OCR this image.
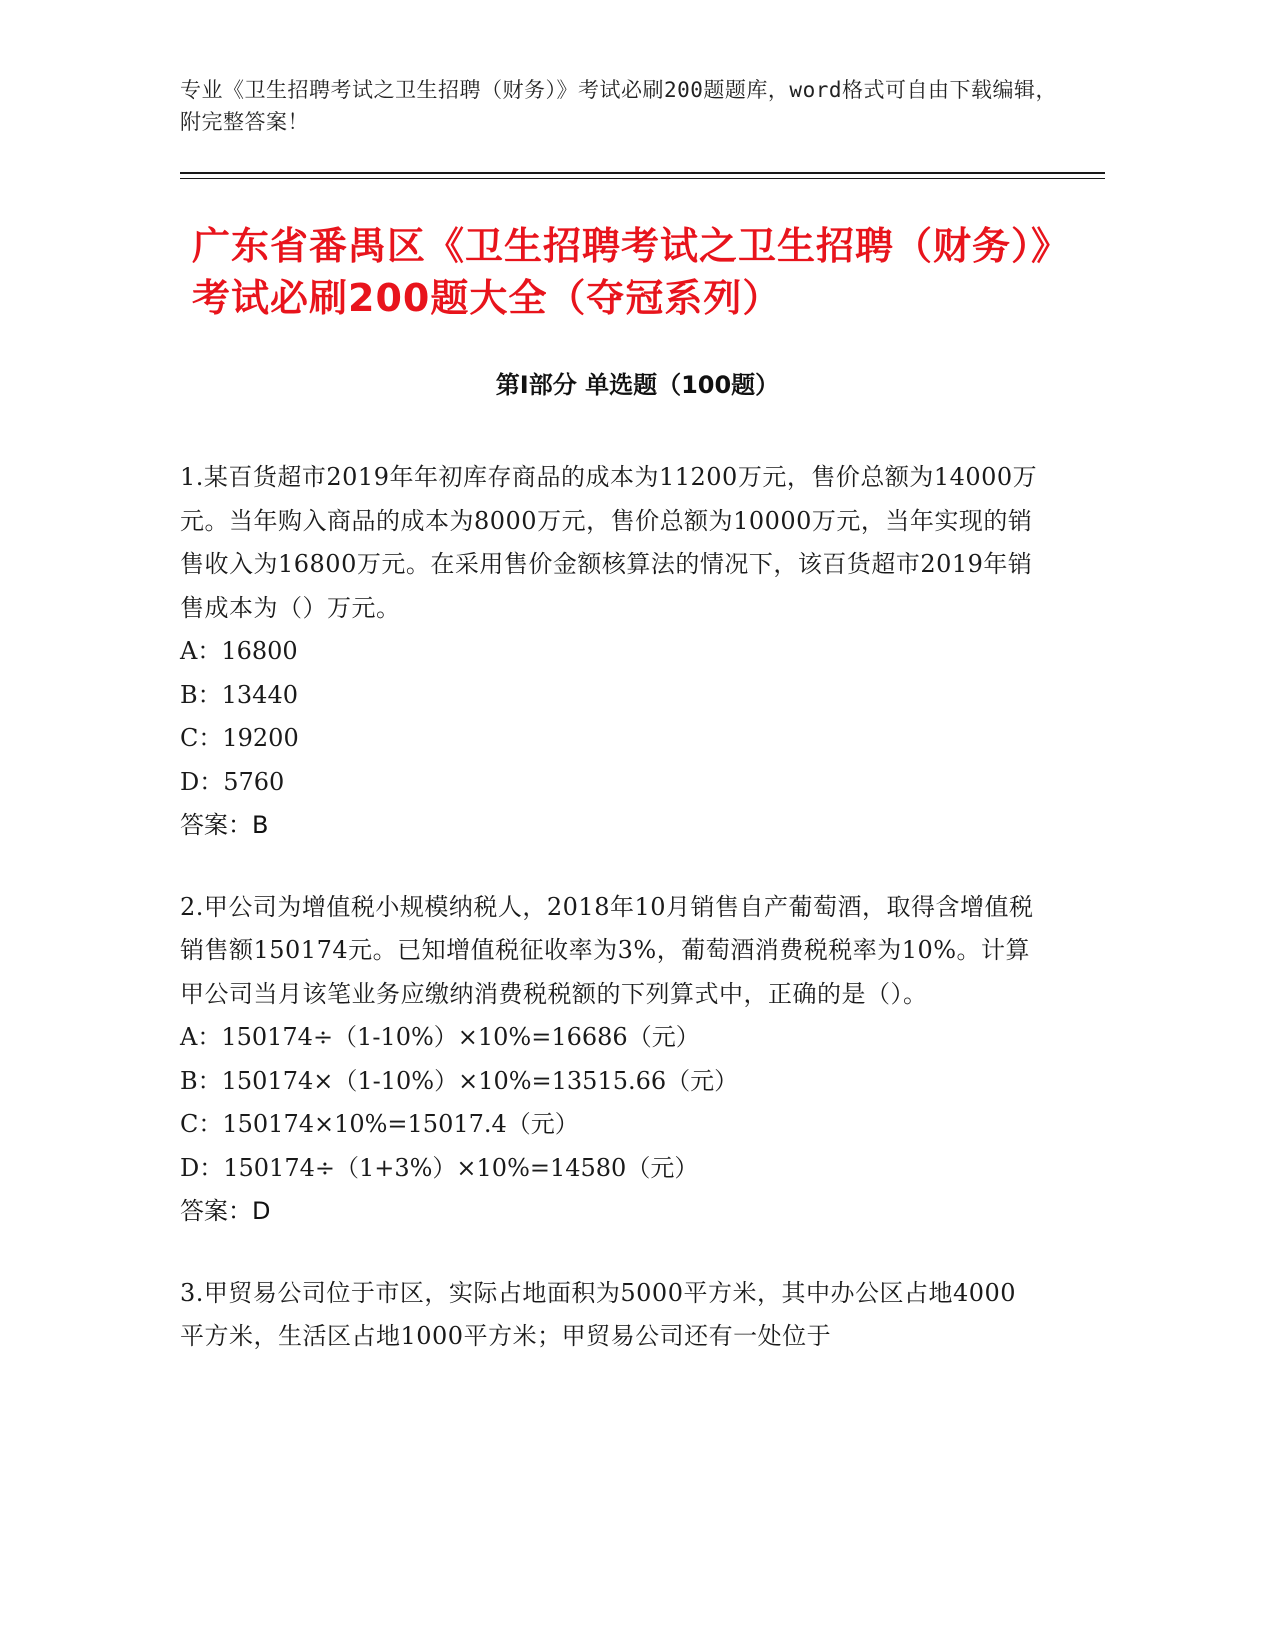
专业《卫生招聘考试之卫生招聘（财务）》考试必刷200题题库，word格式可自由下载编辑，附完整答案！
广东省番禺区《卫生招聘考试之卫生招聘（财务）》考试必刷200题大全（夺冠系列）
第I部分 单选题（100题）
1.某百货超市2019年年初库存商品的成本为11200万元，售价总额为14000万元。当年购入商品的成本为8000万元，售价总额为10000万元，当年实现的销售收入为16800万元。在采用售价金额核算法的情况下，该百货超市2019年销售成本为（）万元。
A：16800
B：13440
C：19200
D：5760
答案：B
2.甲公司为增值税小规模纳税人，2018年10月销售自产葡萄酒，取得含增值税销售额150174元。已知增值税征收率为3%，葡萄酒消费税税率为10%。计算甲公司当月该笔业务应缴纳消费税税额的下列算式中，正确的是（）。
A：150174÷（1-10%）×10%=16686（元）
B：150174×（1-10%）×10%=13515.66（元）
C：150174×10%=15017.4（元）
D：150174÷（1+3%）×10%=14580（元）
答案：D
3.甲贸易公司位于市区，实际占地面积为5000平方米，其中办公区占地4000平方米，生活区占地1000平方米；甲贸易公司还有一处位于
